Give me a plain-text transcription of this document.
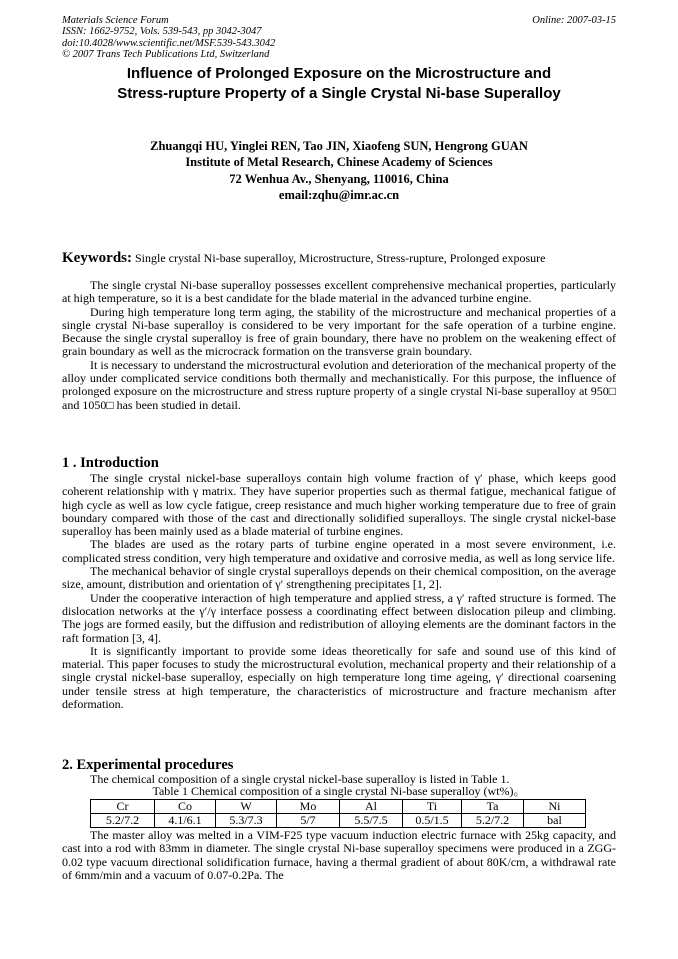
Materials Science Forum	Online: 2007-03-15
ISSN: 1662-9752, Vols. 539-543, pp 3042-3047
doi:10.4028/www.scientific.net/MSF.539-543.3042
© 2007 Trans Tech Publications Ltd, Switzerland
Influence of Prolonged Exposure on the Microstructure and
Stress-rupture Property of a Single Crystal Ni-base Superalloy
Zhuangqi HU, Yinglei REN, Tao JIN, Xiaofeng SUN, Hengrong GUAN
Institute of Metal Research, Chinese Academy of Sciences
72 Wenhua Av., Shenyang, 110016, China
email:zqhu@imr.ac.cn
Keywords: Single crystal Ni-base superalloy, Microstructure, Stress-rupture, Prolonged exposure

The single crystal Ni-base superalloy possesses excellent comprehensive mechanical properties, particularly at high temperature, so it is a best candidate for the blade material in the advanced turbine engine.

During high temperature long term aging, the stability of the microstructure and mechanical properties of a single crystal Ni-base superalloy is considered to be very important for the safe operation of a turbine engine. Because the single crystal superalloy is free of grain boundary, there have no problem on the weakening effect of grain boundary as well as the microcrack formation on the transverse grain boundary.

It is necessary to understand the microstructural evolution and deterioration of the mechanical property of the alloy under complicated service conditions both thermally and mechanistically. For this purpose, the influence of prolonged exposure on the microstructure and stress rupture property of a single crystal Ni-base superalloy at 950□ and 1050□ has been studied in detail.

1 . Introduction

The single crystal nickel-base superalloys contain high volume fraction of γ′ phase, which keeps good coherent relationship with γ matrix. They have superior properties such as thermal fatigue, mechanical fatigue of high cycle as well as low cycle fatigue, creep resistance and much higher working temperature due to free of grain boundary compared with those of the cast and directionally solidified superalloys. The single crystal nickel-base superalloy has been mainly used as a blade material of turbine engines.

The blades are used as the rotary parts of turbine engine operated in a most severe environment, i.e. complicated stress condition, very high temperature and oxidative and corrosive media, as well as long service life.

The mechanical behavior of single crystal superalloys depends on their chemical composition, on the average size, amount, distribution and orientation of γ′ strengthening precipitates [1, 2].

Under the cooperative interaction of high temperature and applied stress, a γ′ rafted structure is formed. The dislocation networks at the γ′/γ interface possess a coordinating effect between dislocation pileup and climbing. The jogs are formed easily, but the diffusion and redistribution of alloying elements are the dominant factors in the raft formation [3, 4].

It is significantly important to provide some ideas theoretically for safe and sound use of this kind of material. This paper focuses to study the microstructural evolution, mechanical property and their relationship of a single crystal nickel-base superalloy, especially on high temperature long time ageing, γ′ directional coarsening under tensile stress at high temperature, the characteristics of microstructure and fracture mechanism after deformation.

2. Experimental procedures

The chemical composition of a single crystal nickel-base superalloy is listed in Table 1.

Table 1 Chemical composition of a single crystal Ni-base superalloy (wt%)。
Cr	Co	W	Mo	Al	Ti	Ta	Ni
5.2/7.2	4.1/6.1	5.3/7.3	5/7	5.5/7.5	0.5/1.5	5.2/7.2	bal

The master alloy was melted in a VIM-F25 type vacuum induction electric furnace with 25kg capacity, and cast into a rod with 83mm in diameter. The single crystal Ni-base superalloy specimens were produced in a ZGG-0.02 type vacuum directional solidification furnace, having a thermal gradient of about 80K/cm, a withdrawal rate of 6mm/min and a vacuum of 0.07-0.2Pa. The
